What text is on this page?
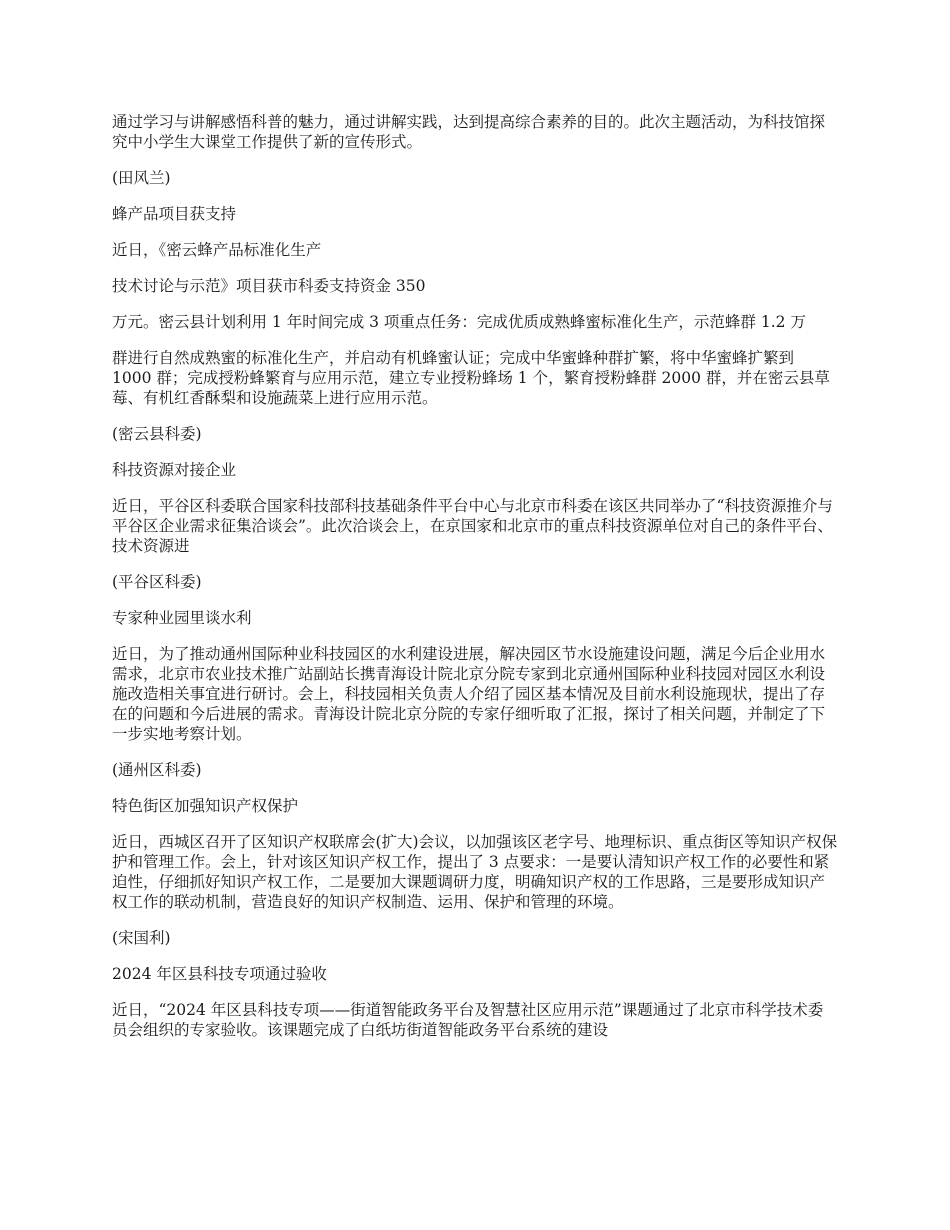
通过学习与讲解感悟科普的魅力，通过讲解实践，达到提高综合素养的目的。此次主题活动，为科技馆探究中小学生大课堂工作提供了新的宣传形式。

(田风兰)

蜂产品项目获支持

近日，《密云蜂产品标准化生产

技术讨论与示范》项目获市科委支持资金 350

万元。密云县计划利用 1 年时间完成 3 项重点任务：完成优质成熟蜂蜜标准化生产，示范蜂群 1.2 万

群进行自然成熟蜜的标准化生产，并启动有机蜂蜜认证；完成中华蜜蜂种群扩繁，将中华蜜蜂扩繁到 1000 群；完成授粉蜂繁育与应用示范，建立专业授粉蜂场 1 个，繁育授粉蜂群 2000 群，并在密云县草莓、有机红香酥梨和设施蔬菜上进行应用示范。

(密云县科委)

科技资源对接企业

近日，平谷区科委联合国家科技部科技基础条件平台中心与北京市科委在该区共同举办了“科技资源推介与平谷区企业需求征集洽谈会”。此次洽谈会上，在京国家和北京市的重点科技资源单位对自己的条件平台、技术资源进

(平谷区科委)

专家种业园里谈水利

近日，为了推动通州国际种业科技园区的水利建设进展，解决园区节水设施建设问题，满足今后企业用水需求，北京市农业技术推广站副站长携青海设计院北京分院专家到北京通州国际种业科技园对园区水利设施改造相关事宜进行研讨。会上，科技园相关负责人介绍了园区基本情况及目前水利设施现状，提出了存在的问题和今后进展的需求。青海设计院北京分院的专家仔细听取了汇报，探讨了相关问题，并制定了下一步实地考察计划。

(通州区科委)

特色街区加强知识产权保护

近日，西城区召开了区知识产权联席会(扩大)会议，以加强该区老字号、地理标识、重点街区等知识产权保护和管理工作。会上，针对该区知识产权工作，提出了 3 点要求：一是要认清知识产权工作的必要性和紧迫性，仔细抓好知识产权工作，二是要加大课题调研力度，明确知识产权的工作思路，三是要形成知识产权工作的联动机制，营造良好的知识产权制造、运用、保护和管理的环境。

(宋国利)

2024 年区县科技专项通过验收

近日，“2024 年区县科技专项——街道智能政务平台及智慧社区应用示范”课题通过了北京市科学技术委员会组织的专家验收。该课题完成了白纸坊街道智能政务平台系统的建设
